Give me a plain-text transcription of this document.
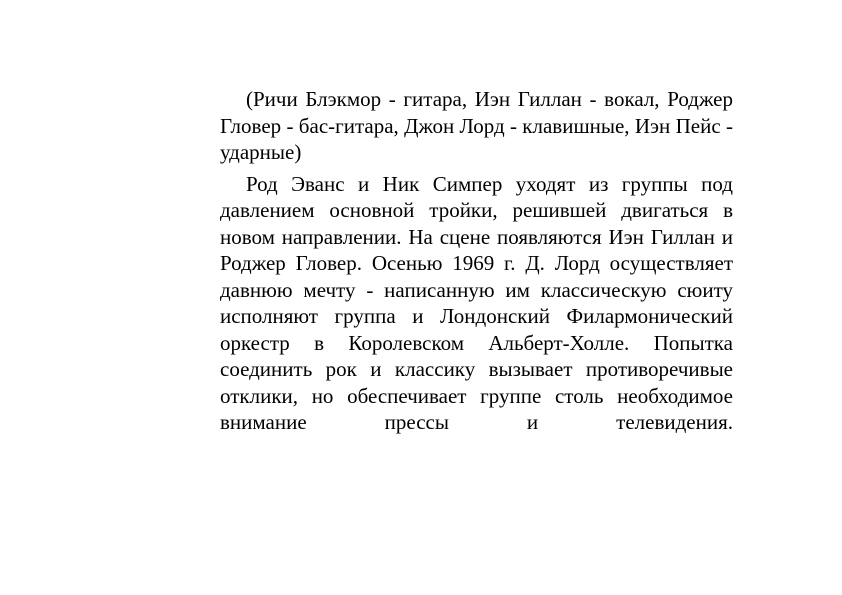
(Ричи Блэкмор - гитара, Иэн Гиллан - вокал, Роджер Гловер - бас-гитара, Джон Лорд - клавишные, Иэн Пейс - ударные)

Род Эванс и Ник Симпер уходят из группы под давлением основной тройки, решившей двигаться в новом направлении. На сцене появляются Иэн Гиллан и Роджер Гловер. Осенью 1969 г. Д. Лорд осуществляет давнюю мечту - написанную им классическую сюиту исполняют группа и Лондонский Филармонический оркестр в Королевском Альберт-Холле. Попытка соединить рок и классику вызывает противоречивые отклики, но обеспечивает группе столь необходимое внимание прессы и телевидения.
